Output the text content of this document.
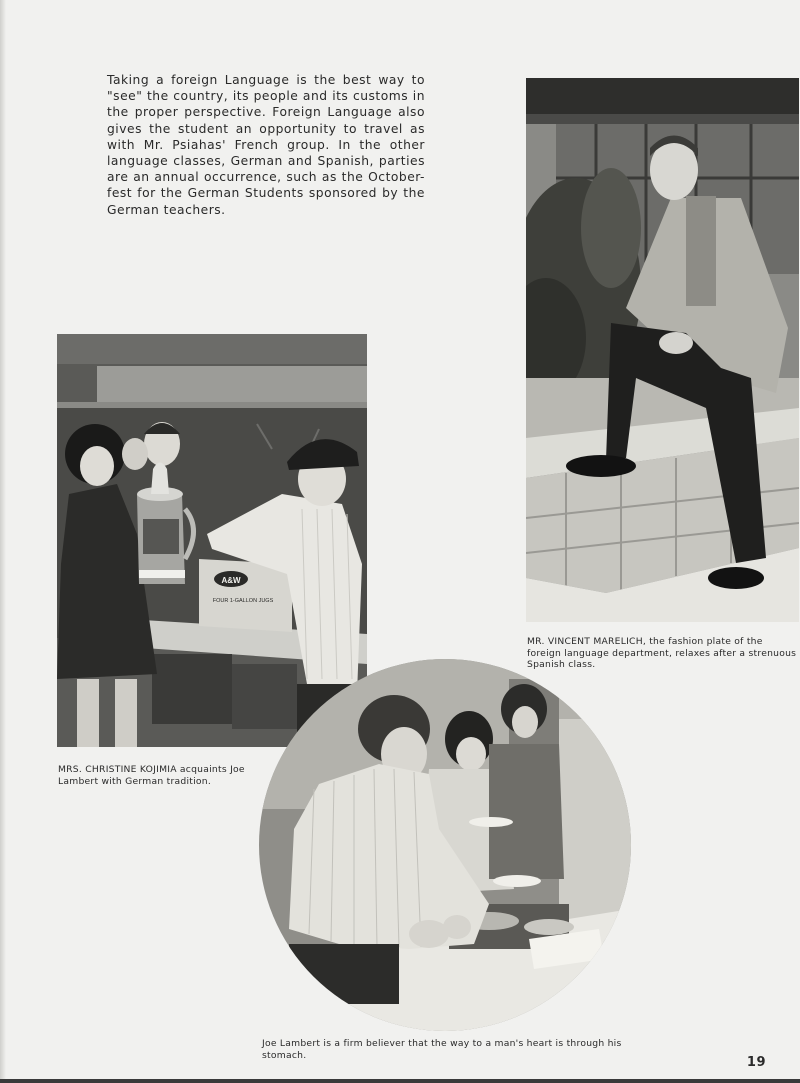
Taking a foreign Language is the best way to "see" the country, its people and its customs in the proper perspective. Foreign Language also gives the student an opportunity to travel as with Mr. Psiahas' French group. In the other language classes, German and Spanish, parties are an annual occurrence, such as the October-fest for the German Students sponsored by the German teachers.

MR. VINCENT MARELICH, the fashion plate of the foreign language department, relaxes after a strenuous Spanish class.

A&W
FOUR 1-GALLON JUGS

MRS. CHRISTINE KOJIMIA acquaints Joe Lambert with German tradition.

Joe Lambert is a firm believer that the way to a man's heart is through his stomach.	19
